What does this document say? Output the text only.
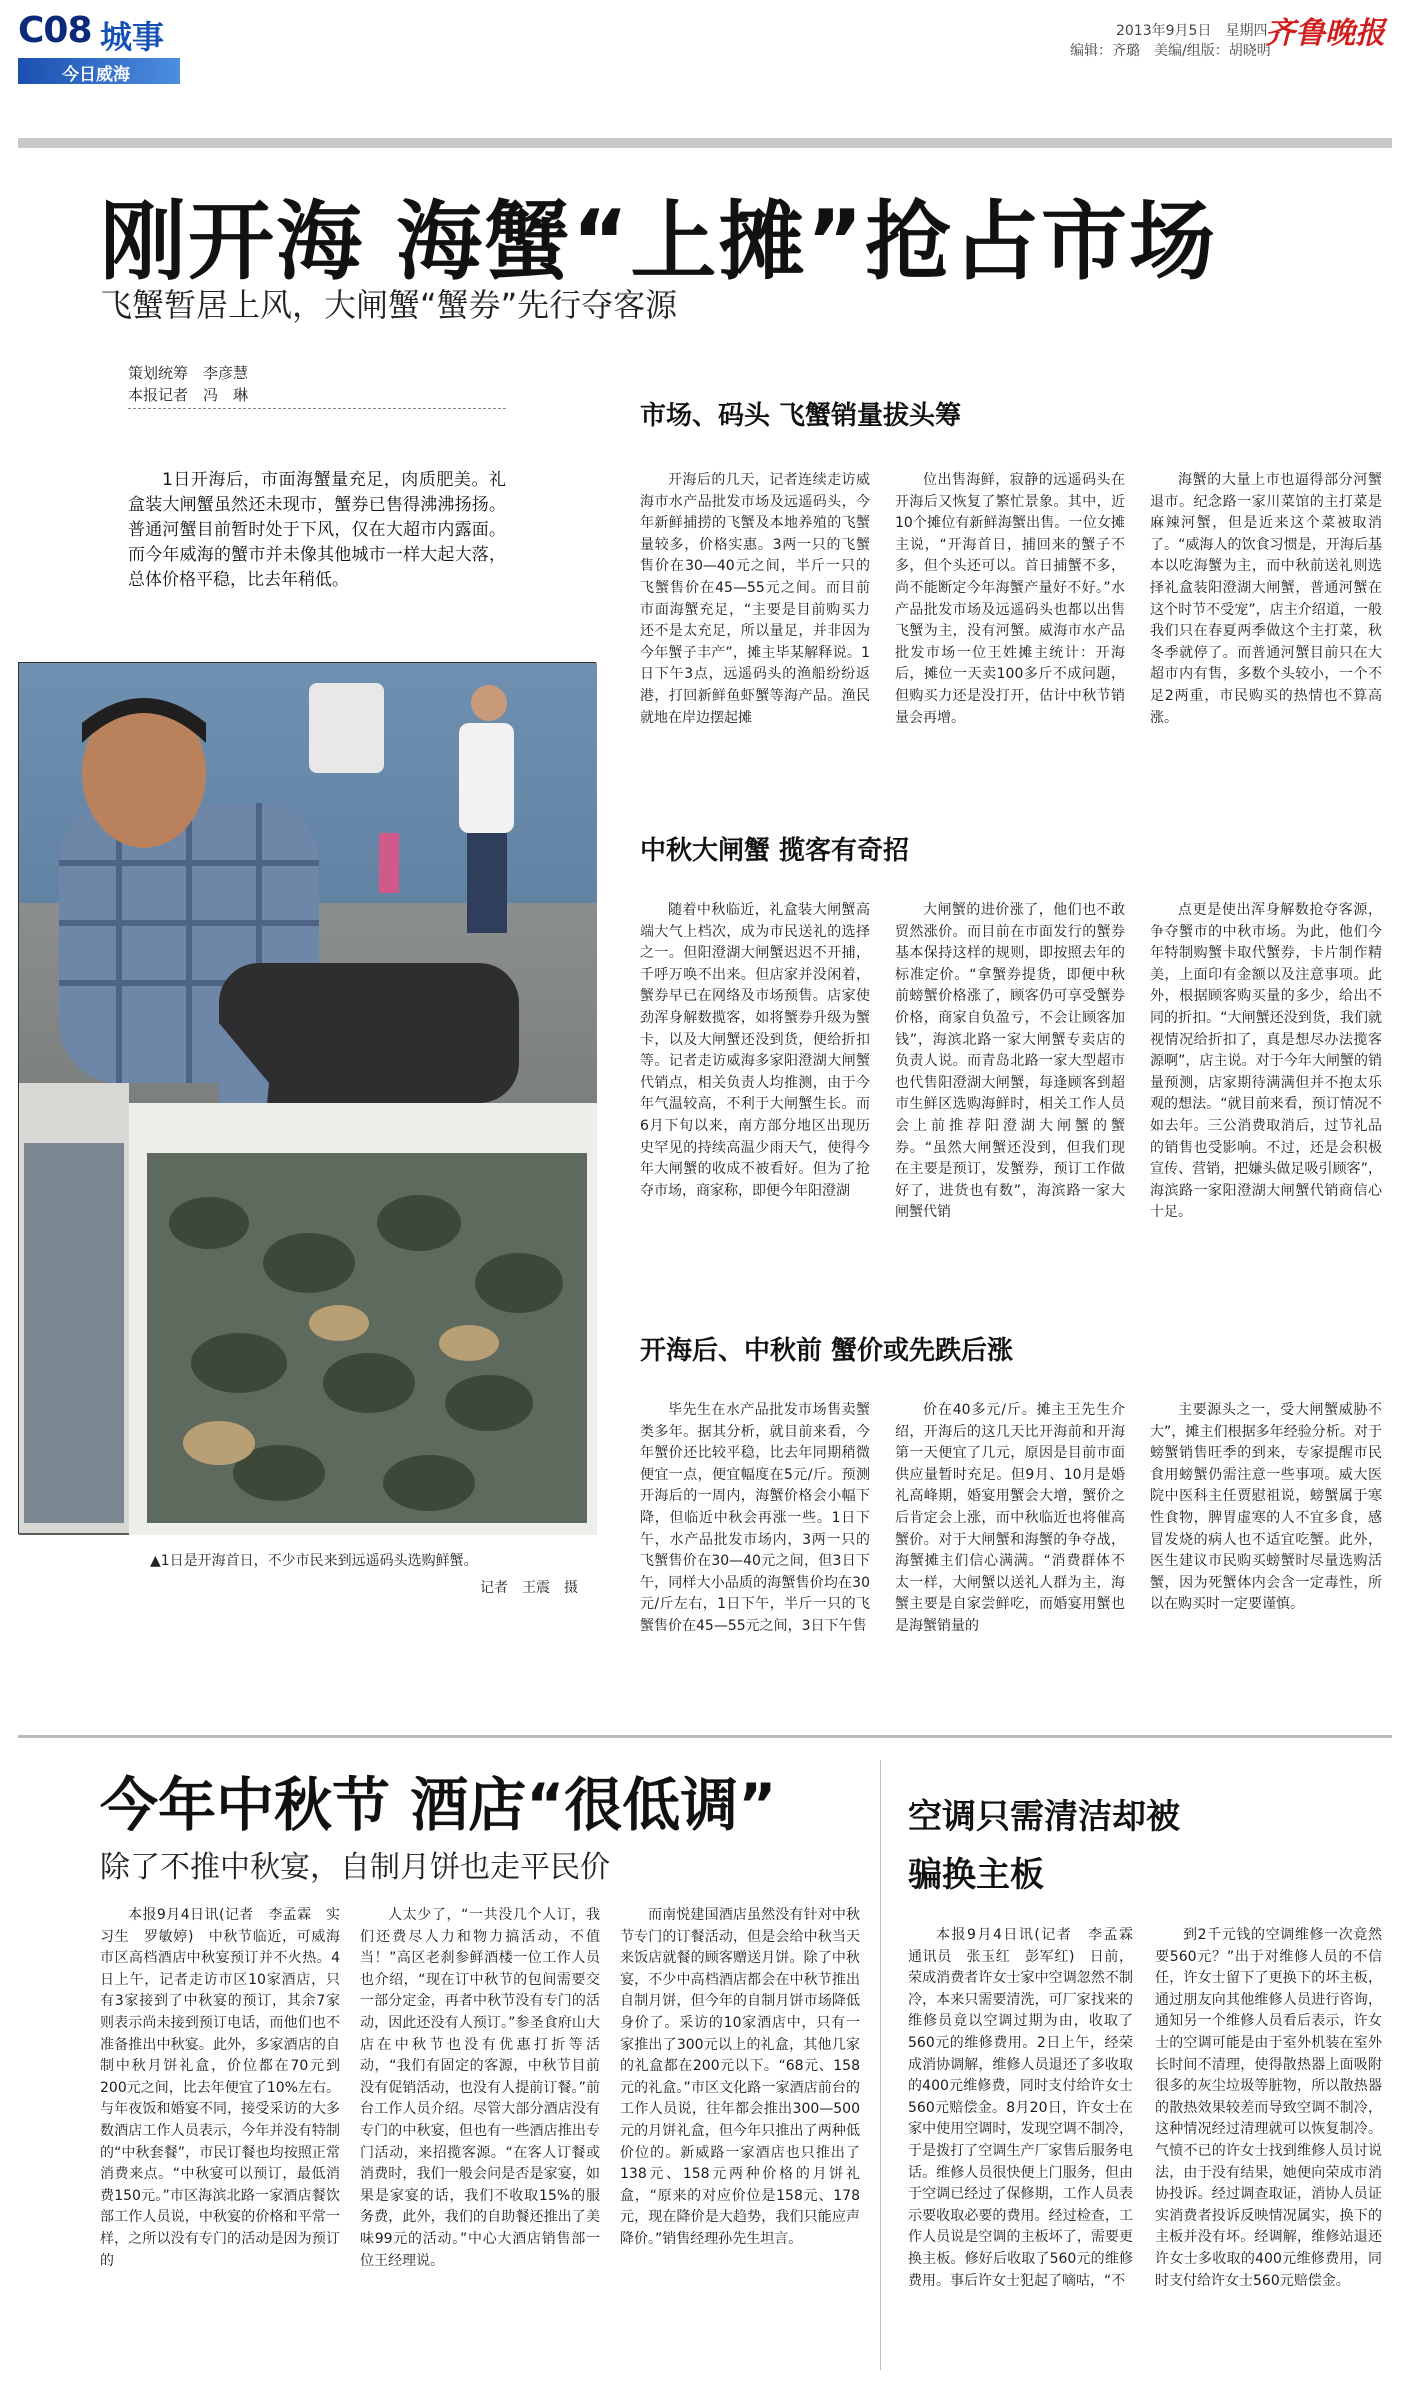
C08 城事
今日威海
2013年9月5日　星期四
编辑：齐璐　美编/组版：胡晓明
齐鲁晚报
刚开海 海蟹“上摊”抢占市场
飞蟹暂居上风，大闸蟹“蟹券”先行夺客源
策划统筹　李彦慧
本报记者　冯　琳
1日开海后，市面海蟹量充足，肉质肥美。礼盒装大闸蟹虽然还未现市，蟹券已售得沸沸扬扬。普通河蟹目前暂时处于下风，仅在大超市内露面。而今年威海的蟹市并未像其他城市一样大起大落，总体价格平稳，比去年稍低。
▲1日是开海首日，不少市民来到远遥码头选购鲜蟹。
记者　王震　摄
市场、码头 飞蟹销量拔头筹

开海后的几天，记者连续走访威海市水产品批发市场及远遥码头，今年新鲜捕捞的飞蟹及本地养殖的飞蟹量较多，价格实惠。3两一只的飞蟹售价在30—40元之间，半斤一只的飞蟹售价在45—55元之间。而目前市面海蟹充足，“主要是目前购买力还不是太充足，所以量足，并非因为今年蟹子丰产”，摊主毕某解释说。1日下午3点，远遥码头的渔船纷纷返港，打回新鲜鱼虾蟹等海产品。渔民就地在岸边摆起摊

位出售海鲜，寂静的远遥码头在开海后又恢复了繁忙景象。其中，近10个摊位有新鲜海蟹出售。一位女摊主说，“开海首日，捕回来的蟹子不多，但个头还可以。首日捕蟹不多，尚不能断定今年海蟹产量好不好。”水产品批发市场及远遥码头也都以出售飞蟹为主，没有河蟹。威海市水产品批发市场一位王姓摊主统计：开海后，摊位一天卖100多斤不成问题，但购买力还是没打开，估计中秋节销量会再增。

海蟹的大量上市也逼得部分河蟹退市。纪念路一家川菜馆的主打菜是麻辣河蟹，但是近来这个菜被取消了。“威海人的饮食习惯是，开海后基本以吃海蟹为主，而中秋前送礼则选择礼盒装阳澄湖大闸蟹，普通河蟹在这个时节不受宠”，店主介绍道，一般我们只在春夏两季做这个主打菜，秋冬季就停了。而普通河蟹目前只在大超市内有售，多数个头较小，一个不足2两重，市民购买的热情也不算高涨。

中秋大闸蟹 揽客有奇招

随着中秋临近，礼盒装大闸蟹高端大气上档次，成为市民送礼的选择之一。但阳澄湖大闸蟹迟迟不开捕，千呼万唤不出来。但店家并没闲着，蟹券早已在网络及市场预售。店家使劲浑身解数揽客，如将蟹券升级为蟹卡，以及大闸蟹还没到货，便给折扣等。记者走访威海多家阳澄湖大闸蟹代销点，相关负责人均推测，由于今年气温较高，不利于大闸蟹生长。而6月下旬以来，南方部分地区出现历史罕见的持续高温少雨天气，使得今年大闸蟹的收成不被看好。但为了抢夺市场，商家称，即便今年阳澄湖

大闸蟹的进价涨了，他们也不敢贸然涨价。而目前在市面发行的蟹券基本保持这样的规则，即按照去年的标准定价。“拿蟹券提货，即便中秋前螃蟹价格涨了，顾客仍可享受蟹券价格，商家自负盈亏，不会让顾客加钱”，海滨北路一家大闸蟹专卖店的负责人说。而青岛北路一家大型超市也代售阳澄湖大闸蟹，每逢顾客到超市生鲜区选购海鲜时，相关工作人员会上前推荐阳澄湖大闸蟹的蟹券。“虽然大闸蟹还没到，但我们现在主要是预订，发蟹券，预订工作做好了，进货也有数”，海滨路一家大闸蟹代销

点更是使出浑身解数抢夺客源，争夺蟹市的中秋市场。为此，他们今年特制购蟹卡取代蟹券，卡片制作精美，上面印有金额以及注意事项。此外，根据顾客购买量的多少，给出不同的折扣。“大闸蟹还没到货，我们就视情况给折扣了，真是想尽办法揽客源啊”，店主说。对于今年大闸蟹的销量预测，店家期待满满但并不抱太乐观的想法。“就目前来看，预订情况不如去年。三公消费取消后，过节礼品的销售也受影响。不过，还是会积极宣传、营销，把嫌头做足吸引顾客”，海滨路一家阳澄湖大闸蟹代销商信心十足。

开海后、中秋前 蟹价或先跌后涨

毕先生在水产品批发市场售卖蟹类多年。据其分析，就目前来看，今年蟹价还比较平稳，比去年同期稍微便宜一点，便宜幅度在5元/斤。预测开海后的一周内，海蟹价格会小幅下降，但临近中秋会再涨一些。1日下午，水产品批发市场内，3两一只的飞蟹售价在30—40元之间，但3日下午，同样大小品质的海蟹售价均在30元/斤左右，1日下午，半斤一只的飞蟹售价在45—55元之间，3日下午售

价在40多元/斤。摊主王先生介绍，开海后的这几天比开海前和开海第一天便宜了几元，原因是目前市面供应量暂时充足。但9月、10月是婚礼高峰期，婚宴用蟹会大增，蟹价之后肯定会上涨，而中秋临近也将催高蟹价。对于大闸蟹和海蟹的争夺战，海蟹摊主们信心满满。“消费群体不太一样，大闸蟹以送礼人群为主，海蟹主要是自家尝鲜吃，而婚宴用蟹也是海蟹销量的

主要源头之一，受大闸蟹威胁不大”，摊主们根据多年经验分析。对于螃蟹销售旺季的到来，专家提醒市民食用螃蟹仍需注意一些事项。威大医院中医科主任贾慰祖说，螃蟹属于寒性食物，脾胃虚寒的人不宜多食，感冒发烧的病人也不适宜吃蟹。此外，医生建议市民购买螃蟹时尽量选购活蟹，因为死蟹体内会含一定毒性，所以在购买时一定要谨慎。

今年中秋节 酒店“很低调”
除了不推中秋宴，自制月饼也走平民价

本报9月4日讯(记者　李孟霖　实习生　罗敏婷)　中秋节临近，可威海市区高档酒店中秋宴预订并不火热。4日上午，记者走访市区10家酒店，只有3家接到了中秋宴的预订，其余7家则表示尚未接到预订电话，而他们也不准备推出中秋宴。此外，多家酒店的自制中秋月饼礼盒，价位都在70元到200元之间，比去年便宜了10%左右。与年夜饭和婚宴不同，接受采访的大多数酒店工作人员表示，今年并没有特制的“中秋套餐”，市民订餐也均按照正常消费来点。“中秋宴可以预订，最低消费150元。”市区海滨北路一家酒店餐饮部工作人员说，中秋宴的价格和平常一样，之所以没有专门的活动是因为预订的

人太少了，“一共没几个人订，我们还费尽人力和物力搞活动，不值当！”高区老刹参鲜酒楼一位工作人员也介绍，“现在订中秋节的包间需要交一部分定金，再者中秋节没有专门的活动，因此还没有人预订。”参圣食府山大店在中秋节也没有优惠打折等活动，“我们有固定的客源，中秋节目前没有促销活动，也没有人提前订餐。”前台工作人员介绍。尽管大部分酒店没有专门的中秋宴，但也有一些酒店推出专门活动，来招揽客源。“在客人订餐或消费时，我们一般会问是否是家宴，如果是家宴的话，我们不收取15%的服务费，此外，我们的自助餐还推出了美味99元的活动。”中心大酒店销售部一位王经理说。

而南悦建国酒店虽然没有针对中秋节专门的订餐活动，但是会给中秋当天来饭店就餐的顾客赠送月饼。除了中秋宴，不少中高档酒店都会在中秋节推出自制月饼，但今年的自制月饼市场降低身价了。采访的10家酒店中，只有一家推出了300元以上的礼盒，其他几家的礼盒都在200元以下。“68元、158元的礼盒。”市区文化路一家酒店前台的工作人员说，往年都会推出300—500元的月饼礼盒，但今年只推出了两种低价位的。新威路一家酒店也只推出了138元、158元两种价格的月饼礼盒，“原来的对应价位是158元、178元，现在降价是大趋势，我们只能应声降价。”销售经理孙先生坦言。

空调只需清洁却被骗换主板

本报9月4日讯(记者　李孟霖　通讯员　张玉红　彭军红)　日前，荣成消费者许女士家中空调忽然不制冷，本来只需要清洗，可厂家找来的维修员竟以空调过期为由，收取了560元的维修费用。2日上午，经荣成消协调解，维修人员退还了多收取的400元维修费，同时支付给许女士560元赔偿金。8月20日，许女士在家中使用空调时，发现空调不制冷，于是拨打了空调生产厂家售后服务电话。维修人员很快便上门服务，但由于空调已经过了保修期，工作人员表示要收取必要的费用。经过检查，工作人员说是空调的主板坏了，需要更换主板。修好后收取了560元的维修费用。事后许女士犯起了嘀咕，“不

到2千元钱的空调维修一次竟然要560元？”出于对维修人员的不信任，许女士留下了更换下的坏主板，通过朋友向其他维修人员进行咨询，通知另一个维修人员看后表示，许女士的空调可能是由于室外机装在室外长时间不清理，使得散热器上面吸附很多的灰尘垃圾等脏物，所以散热器的散热效果较差而导致空调不制冷，这种情况经过清理就可以恢复制冷。气愤不已的许女士找到维修人员讨说法，由于没有结果，她便向荣成市消协投诉。经过调查取证，消协人员证实消费者投诉反映情况属实，换下的主板并没有坏。经调解，维修站退还许女士多收取的400元维修费用，同时支付给许女士560元赔偿金。
